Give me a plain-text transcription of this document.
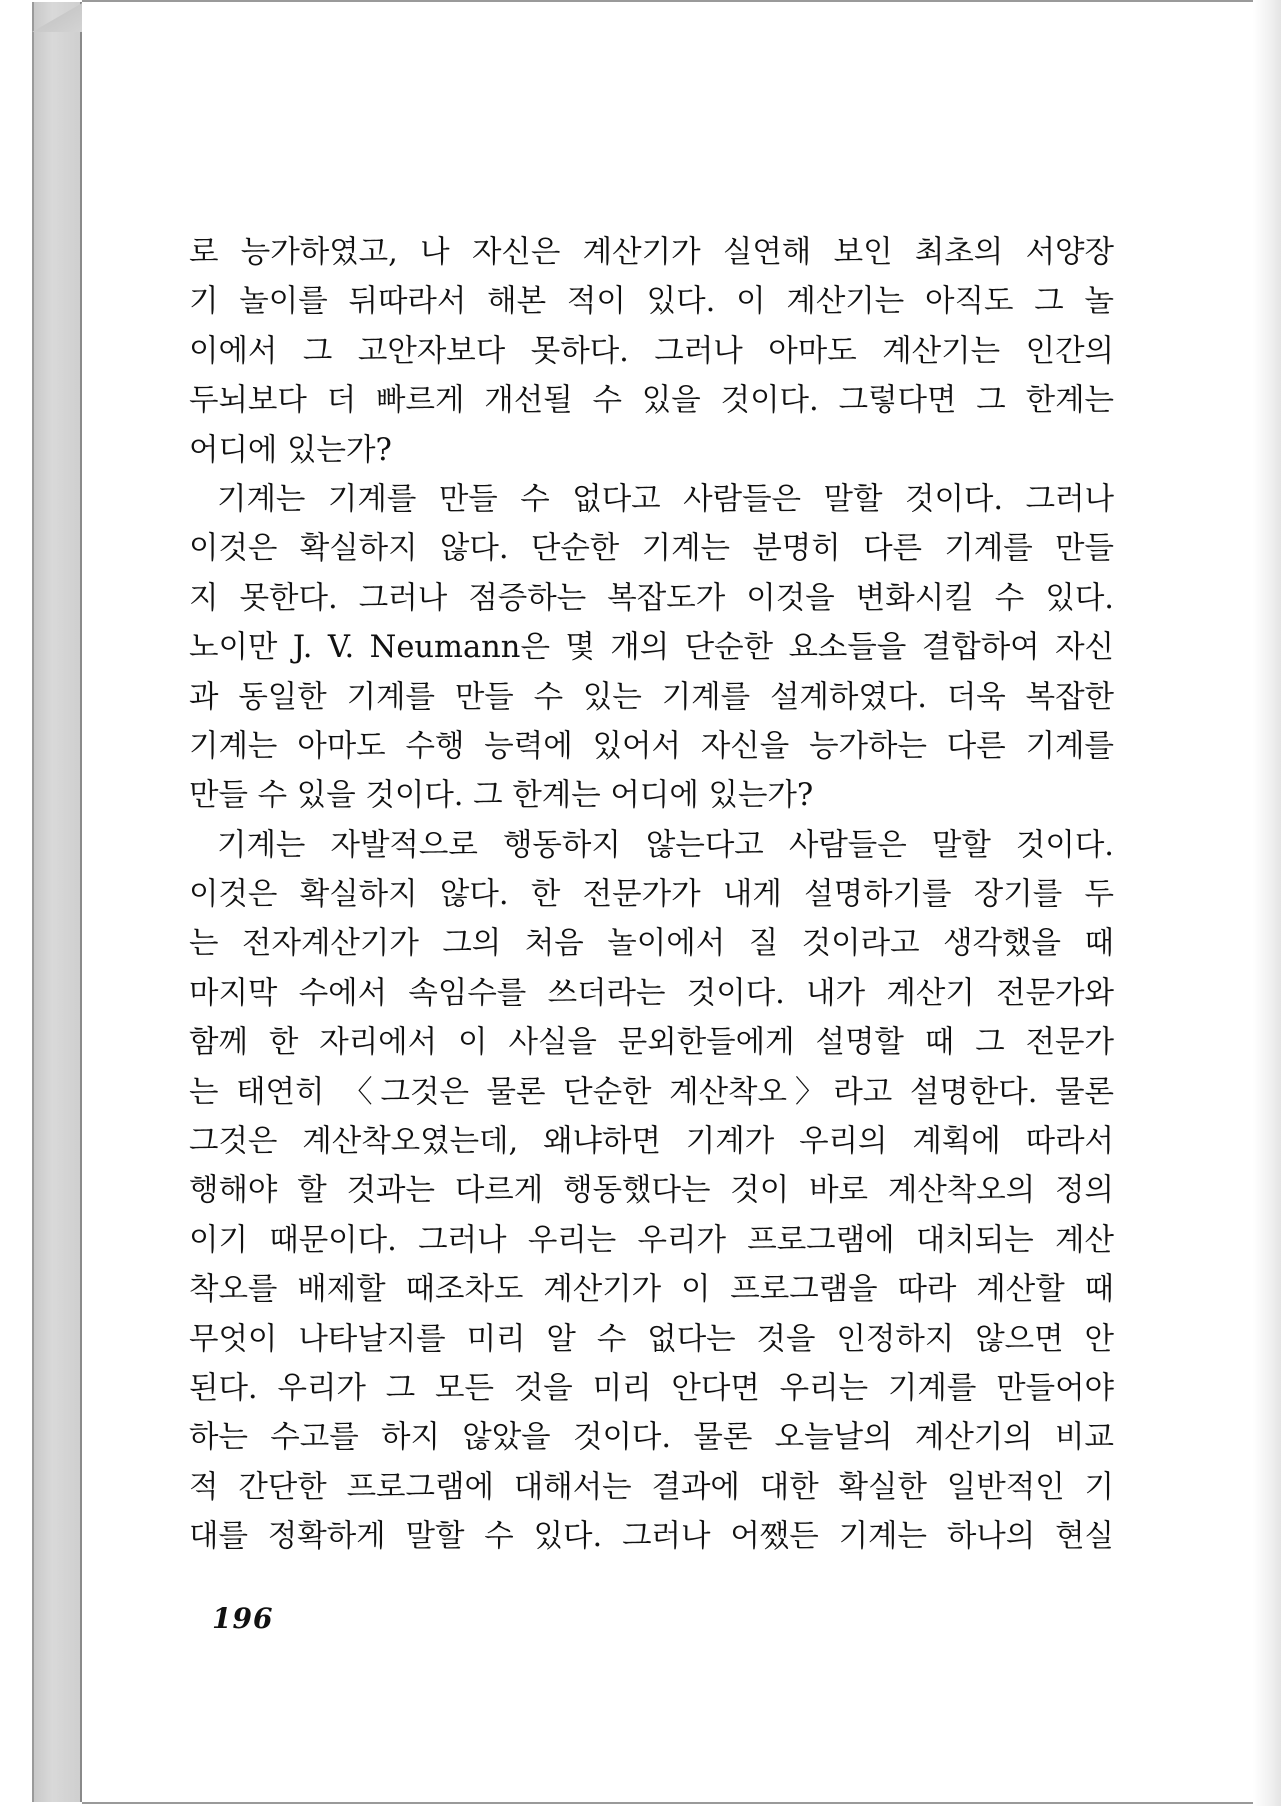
로 능가하였고, 나 자신은 계산기가 실연해 보인 최초의 서양장
기 놀이를 뒤따라서 해본 적이 있다. 이 계산기는 아직도 그 놀
이에서 그 고안자보다 못하다. 그러나 아마도 계산기는 인간의
두뇌보다 더 빠르게 개선될 수 있을 것이다. 그렇다면 그 한계는
어디에 있는가?
기계는 기계를 만들 수 없다고 사람들은 말할 것이다. 그러나
이것은 확실하지 않다. 단순한 기계는 분명히 다른 기계를 만들
지 못한다. 그러나 점증하는 복잡도가 이것을 변화시킬 수 있다.
노이만 J. V. Neumann은 몇 개의 단순한 요소들을 결합하여 자신
과 동일한 기계를 만들 수 있는 기계를 설계하였다. 더욱 복잡한
기계는 아마도 수행 능력에 있어서 자신을 능가하는 다른 기계를
만들 수 있을 것이다. 그 한계는 어디에 있는가?
기계는 자발적으로 행동하지 않는다고 사람들은 말할 것이다.
이것은 확실하지 않다. 한 전문가가 내게 설명하기를 장기를 두
는 전자계산기가 그의 처음 놀이에서 질 것이라고 생각했을 때
마지막 수에서 속임수를 쓰더라는 것이다. 내가 계산기 전문가와
함께 한 자리에서 이 사실을 문외한들에게 설명할 때 그 전문가
는 태연히 〈그것은 물론 단순한 계산착오〉라고 설명한다. 물론
그것은 계산착오였는데, 왜냐하면 기계가 우리의 계획에 따라서
행해야 할 것과는 다르게 행동했다는 것이 바로 계산착오의 정의
이기 때문이다. 그러나 우리는 우리가 프로그램에 대치되는 계산
착오를 배제할 때조차도 계산기가 이 프로그램을 따라 계산할 때
무엇이 나타날지를 미리 알 수 없다는 것을 인정하지 않으면 안
된다. 우리가 그 모든 것을 미리 안다면 우리는 기계를 만들어야
하는 수고를 하지 않았을 것이다. 물론 오늘날의 계산기의 비교
적 간단한 프로그램에 대해서는 결과에 대한 확실한 일반적인 기
대를 정확하게 말할 수 있다. 그러나 어쨌든 기계는 하나의 현실
196
